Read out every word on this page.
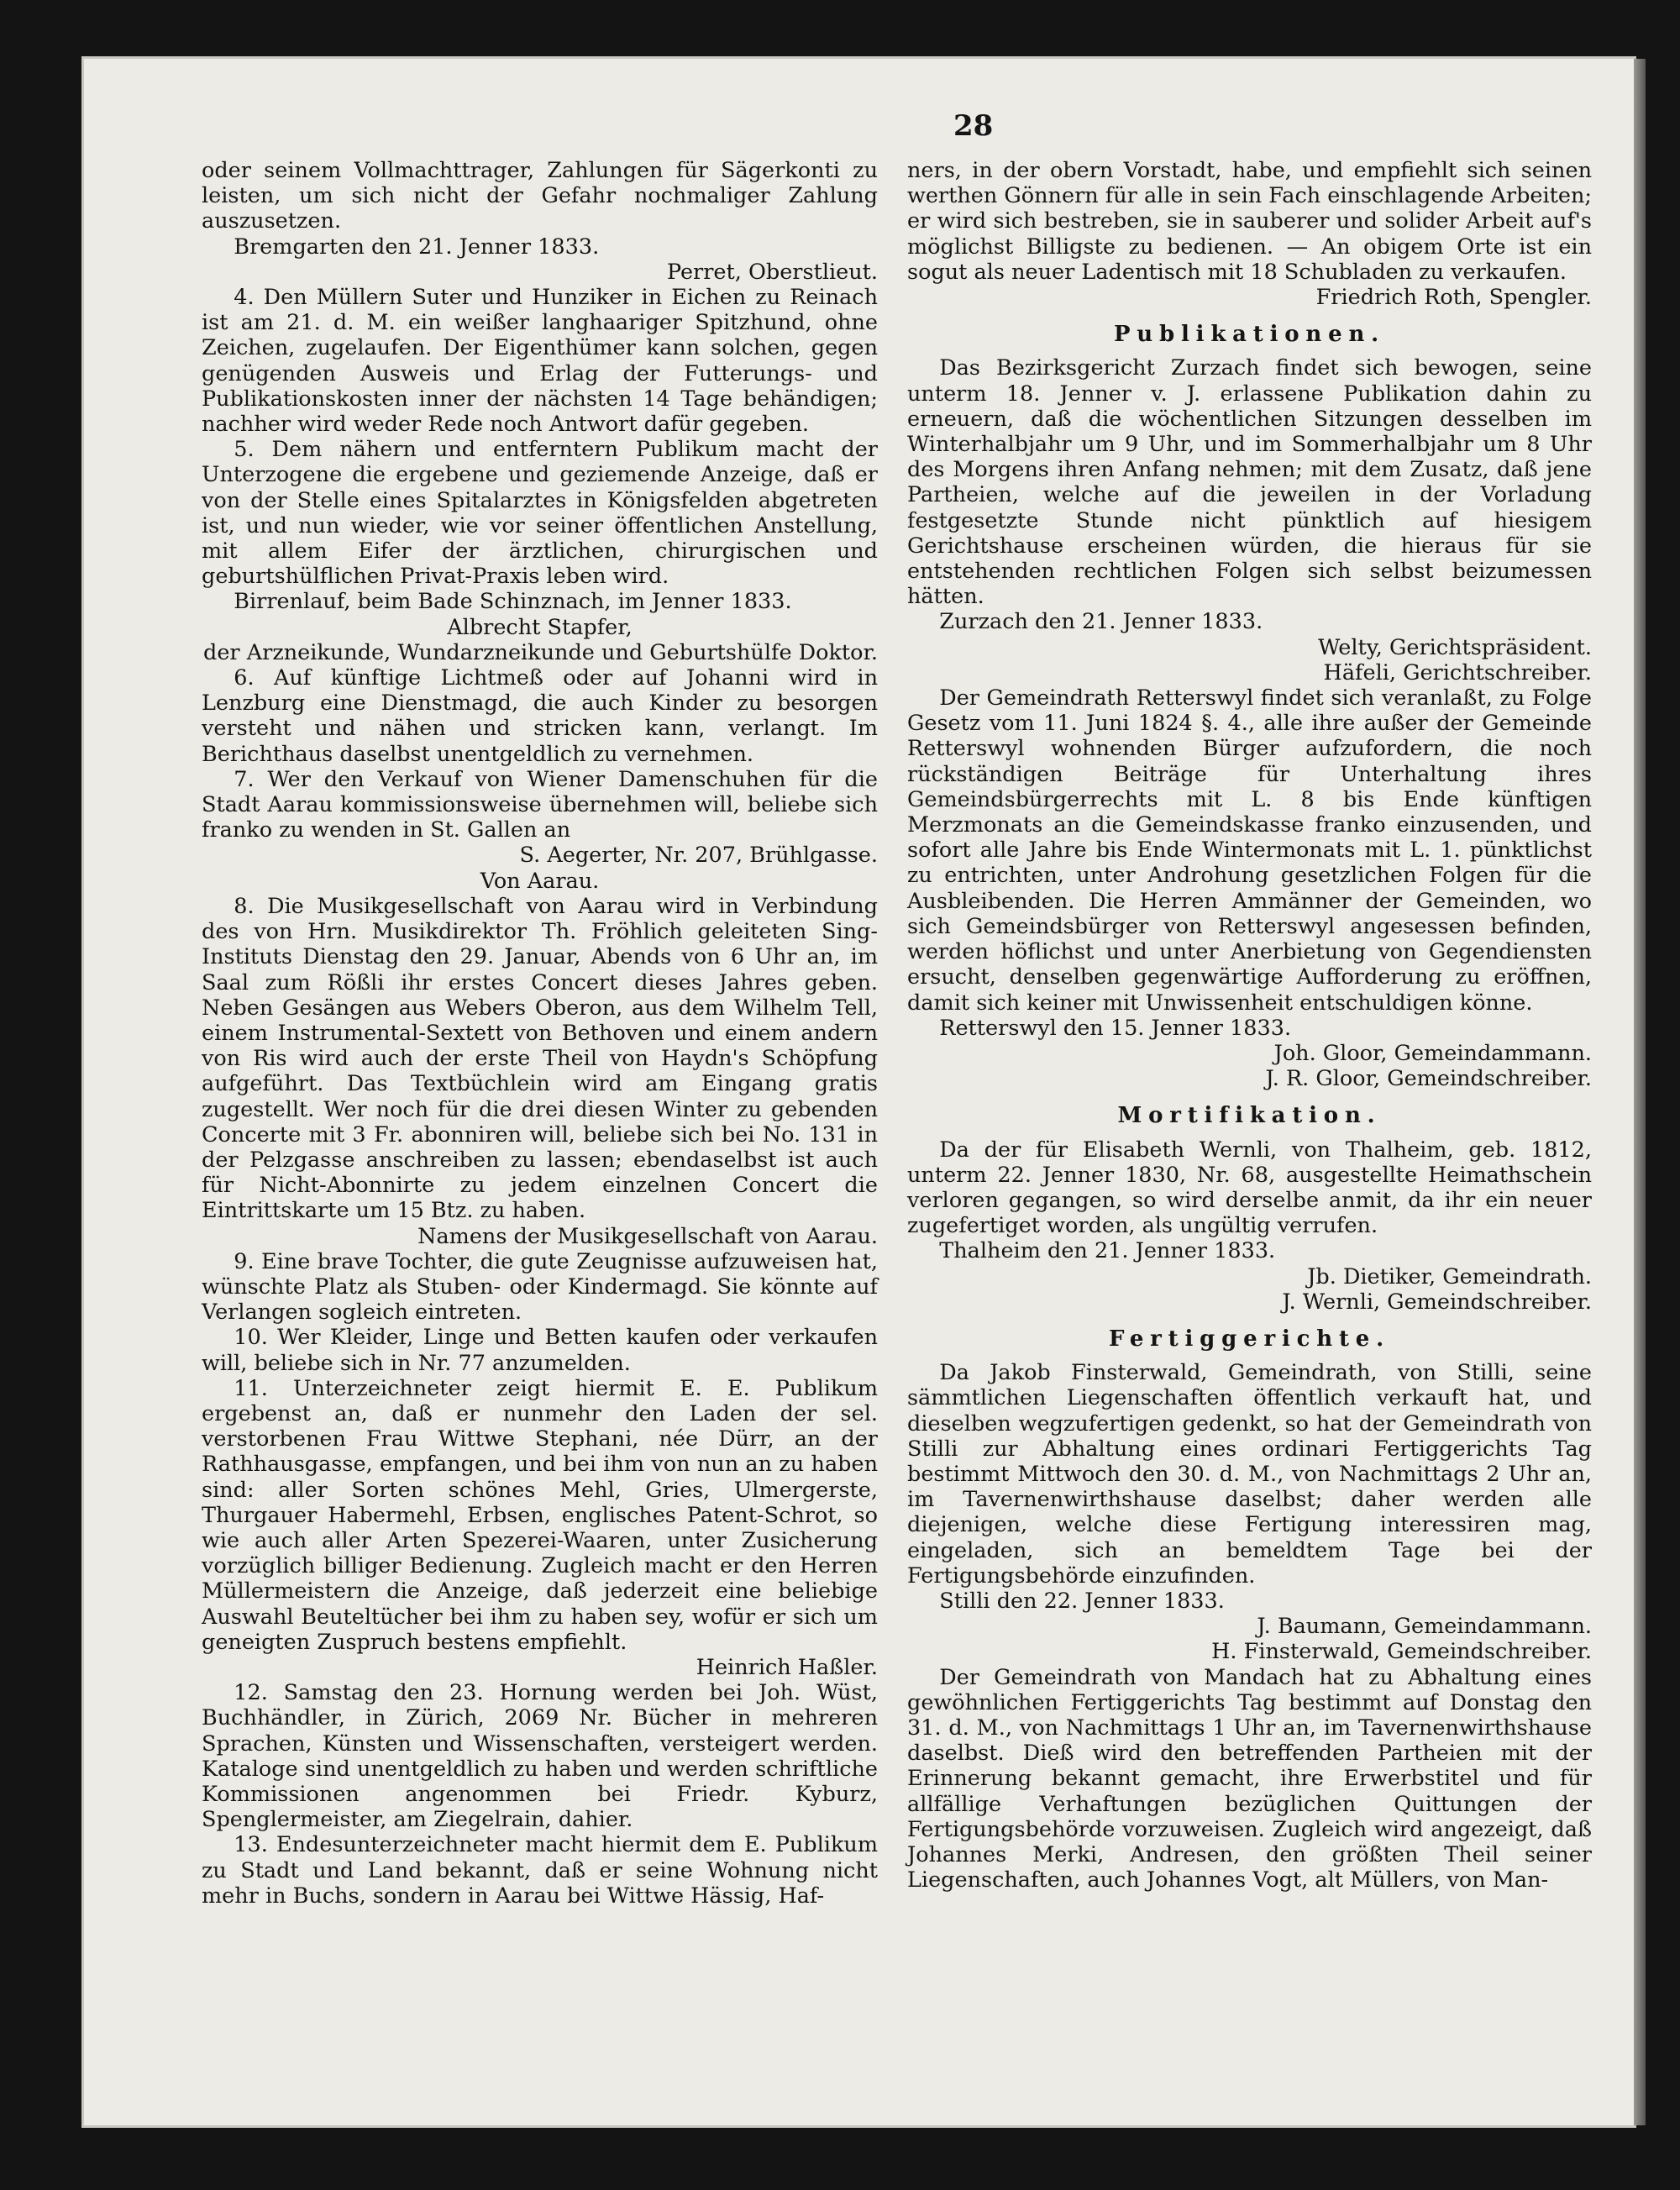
28

oder seinem Vollmachttrager, Zahlungen für Sägerkonti zu leisten, um sich nicht der Gefahr nochmaliger Zahlung auszusetzen.

Bremgarten den 21. Jenner 1833.

Perret, Oberstlieut.

4. Den Müllern Suter und Hunziker in Eichen zu Reinach ist am 21. d. M. ein weißer langhaariger Spitzhund, ohne Zeichen, zugelaufen. Der Eigenthümer kann solchen, gegen genügenden Ausweis und Erlag der Futterungs- und Publikationskosten inner der nächsten 14 Tage behändigen; nachher wird weder Rede noch Antwort dafür gegeben.

5. Dem nähern und entferntern Publikum macht der Unterzogene die ergebene und geziemende Anzeige, daß er von der Stelle eines Spitalarztes in Königsfelden abgetreten ist, und nun wieder, wie vor seiner öffentlichen Anstellung, mit allem Eifer der ärztlichen, chirurgischen und geburtshülflichen Privat-Praxis leben wird.

Birrenlauf, beim Bade Schinznach, im Jenner 1833.

Albrecht Stapfer,

der Arzneikunde, Wundarzneikunde und Geburtshülfe Doktor.

6. Auf künftige Lichtmeß oder auf Johanni wird in Lenzburg eine Dienstmagd, die auch Kinder zu besorgen versteht und nähen und stricken kann, verlangt. Im Berichthaus daselbst unentgeldlich zu vernehmen.

7. Wer den Verkauf von Wiener Damenschuhen für die Stadt Aarau kommissionsweise übernehmen will, beliebe sich franko zu wenden in St. Gallen an

S. Aegerter, Nr. 207, Brühlgasse.

Von Aarau.

8. Die Musikgesellschaft von Aarau wird in Verbindung des von Hrn. Musikdirektor Th. Fröhlich geleiteten Sing-Instituts Dienstag den 29. Januar, Abends von 6 Uhr an, im Saal zum Rößli ihr erstes Concert dieses Jahres geben. Neben Gesängen aus Webers Oberon, aus dem Wilhelm Tell, einem Instrumental-Sextett von Bethoven und einem andern von Ris wird auch der erste Theil von Haydn's Schöpfung aufgeführt. Das Textbüchlein wird am Eingang gratis zugestellt. Wer noch für die drei diesen Winter zu gebenden Concerte mit 3 Fr. abonniren will, beliebe sich bei No. 131 in der Pelzgasse anschreiben zu lassen; ebendaselbst ist auch für Nicht-Abonnirte zu jedem einzelnen Concert die Eintrittskarte um 15 Btz. zu haben.

Namens der Musikgesellschaft von Aarau.

9. Eine brave Tochter, die gute Zeugnisse aufzuweisen hat, wünschte Platz als Stuben- oder Kindermagd. Sie könnte auf Verlangen sogleich eintreten.

10. Wer Kleider, Linge und Betten kaufen oder verkaufen will, beliebe sich in Nr. 77 anzumelden.

11. Unterzeichneter zeigt hiermit E. E. Publikum ergebenst an, daß er nunmehr den Laden der sel. verstorbenen Frau Wittwe Stephani, née Dürr, an der Rathhausgasse, empfangen, und bei ihm von nun an zu haben sind: aller Sorten schönes Mehl, Gries, Ulmergerste, Thurgauer Habermehl, Erbsen, englisches Patent-Schrot, so wie auch aller Arten Spezerei-Waaren, unter Zusicherung vorzüglich billiger Bedienung. Zugleich macht er den Herren Müllermeistern die Anzeige, daß jederzeit eine beliebige Auswahl Beuteltücher bei ihm zu haben sey, wofür er sich um geneigten Zuspruch bestens empfiehlt.

Heinrich Haßler.

12. Samstag den 23. Hornung werden bei Joh. Wüst, Buchhändler, in Zürich, 2069 Nr. Bücher in mehreren Sprachen, Künsten und Wissenschaften, versteigert werden. Kataloge sind unentgeldlich zu haben und werden schriftliche Kommissionen angenommen bei Friedr. Kyburz, Spenglermeister, am Ziegelrain, dahier.

13. Endesunterzeichneter macht hiermit dem E. Publikum zu Stadt und Land bekannt, daß er seine Wohnung nicht mehr in Buchs, sondern in Aarau bei Wittwe Hässig, Haf-

ners, in der obern Vorstadt, habe, und empfiehlt sich seinen werthen Gönnern für alle in sein Fach einschlagende Arbeiten; er wird sich bestreben, sie in sauberer und solider Arbeit auf's möglichst Billigste zu bedienen. — An obigem Orte ist ein sogut als neuer Ladentisch mit 18 Schubladen zu verkaufen.

Friedrich Roth, Spengler.

Publikationen.

Das Bezirksgericht Zurzach findet sich bewogen, seine unterm 18. Jenner v. J. erlassene Publikation dahin zu erneuern, daß die wöchentlichen Sitzungen desselben im Winterhalbjahr um 9 Uhr, und im Sommerhalbjahr um 8 Uhr des Morgens ihren Anfang nehmen; mit dem Zusatz, daß jene Partheien, welche auf die jeweilen in der Vorladung festgesetzte Stunde nicht pünktlich auf hiesigem Gerichtshause erscheinen würden, die hieraus für sie entstehenden rechtlichen Folgen sich selbst beizumessen hätten.

Zurzach den 21. Jenner 1833.

Welty, Gerichtspräsident.

Häfeli, Gerichtschreiber.

Der Gemeindrath Retterswyl findet sich veranlaßt, zu Folge Gesetz vom 11. Juni 1824 §. 4., alle ihre außer der Gemeinde Retterswyl wohnenden Bürger aufzufordern, die noch rückständigen Beiträge für Unterhaltung ihres Gemeindsbürgerrechts mit L. 8 bis Ende künftigen Merzmonats an die Gemeindskasse franko einzusenden, und sofort alle Jahre bis Ende Wintermonats mit L. 1. pünktlichst zu entrichten, unter Androhung gesetzlichen Folgen für die Ausbleibenden. Die Herren Ammänner der Gemeinden, wo sich Gemeindsbürger von Retterswyl angesessen befinden, werden höflichst und unter Anerbietung von Gegendiensten ersucht, denselben gegenwärtige Aufforderung zu eröffnen, damit sich keiner mit Unwissenheit entschuldigen könne.

Retterswyl den 15. Jenner 1833.

Joh. Gloor, Gemeindammann.

J. R. Gloor, Gemeindschreiber.

Mortifikation.

Da der für Elisabeth Wernli, von Thalheim, geb. 1812, unterm 22. Jenner 1830, Nr. 68, ausgestellte Heimathschein verloren gegangen, so wird derselbe anmit, da ihr ein neuer zugefertiget worden, als ungültig verrufen.

Thalheim den 21. Jenner 1833.

Jb. Dietiker, Gemeindrath.

J. Wernli, Gemeindschreiber.

Fertiggerichte.

Da Jakob Finsterwald, Gemeindrath, von Stilli, seine sämmtlichen Liegenschaften öffentlich verkauft hat, und dieselben wegzufertigen gedenkt, so hat der Gemeindrath von Stilli zur Abhaltung eines ordinari Fertiggerichts Tag bestimmt Mittwoch den 30. d. M., von Nachmittags 2 Uhr an, im Tavernenwirthshause daselbst; daher werden alle diejenigen, welche diese Fertigung interessiren mag, eingeladen, sich an bemeldtem Tage bei der Fertigungsbehörde einzufinden.

Stilli den 22. Jenner 1833.

J. Baumann, Gemeindammann.

H. Finsterwald, Gemeindschreiber.

Der Gemeindrath von Mandach hat zu Abhaltung eines gewöhnlichen Fertiggerichts Tag bestimmt auf Donstag den 31. d. M., von Nachmittags 1 Uhr an, im Tavernenwirthshause daselbst. Dieß wird den betreffenden Partheien mit der Erinnerung bekannt gemacht, ihre Erwerbstitel und für allfällige Verhaftungen bezüglichen Quittungen der Fertigungsbehörde vorzuweisen. Zugleich wird angezeigt, daß Johannes Merki, Andresen, den größten Theil seiner Liegenschaften, auch Johannes Vogt, alt Müllers, von Man-
